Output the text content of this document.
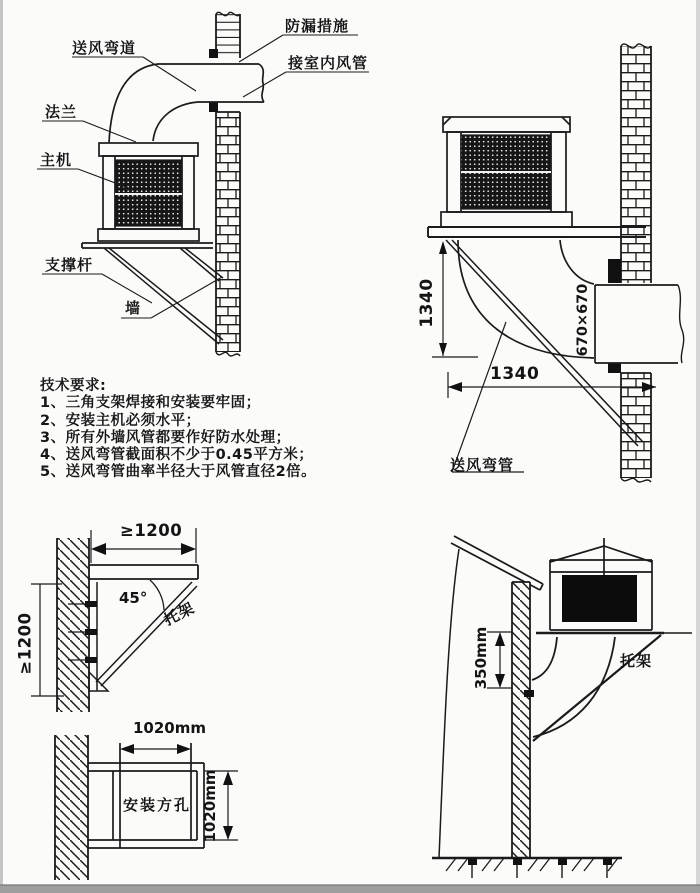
送风弯道
防漏措施
接室内风管
法兰
主机
支撑杆
墙	1340	670×670
1340
送风弯管
技术要求:
1、三角支架焊接和安装要牢固；
2、安装主机必须水平；
3、所有外墙风管都要作好防水处理；
4、送风弯管截面积不少于0.45平方米；
5、送风弯管曲率半径大于风管直径2倍。
≥1200
45°
托架
≥1200
1020mm
安装方孔 1020mm
350mm	托架
